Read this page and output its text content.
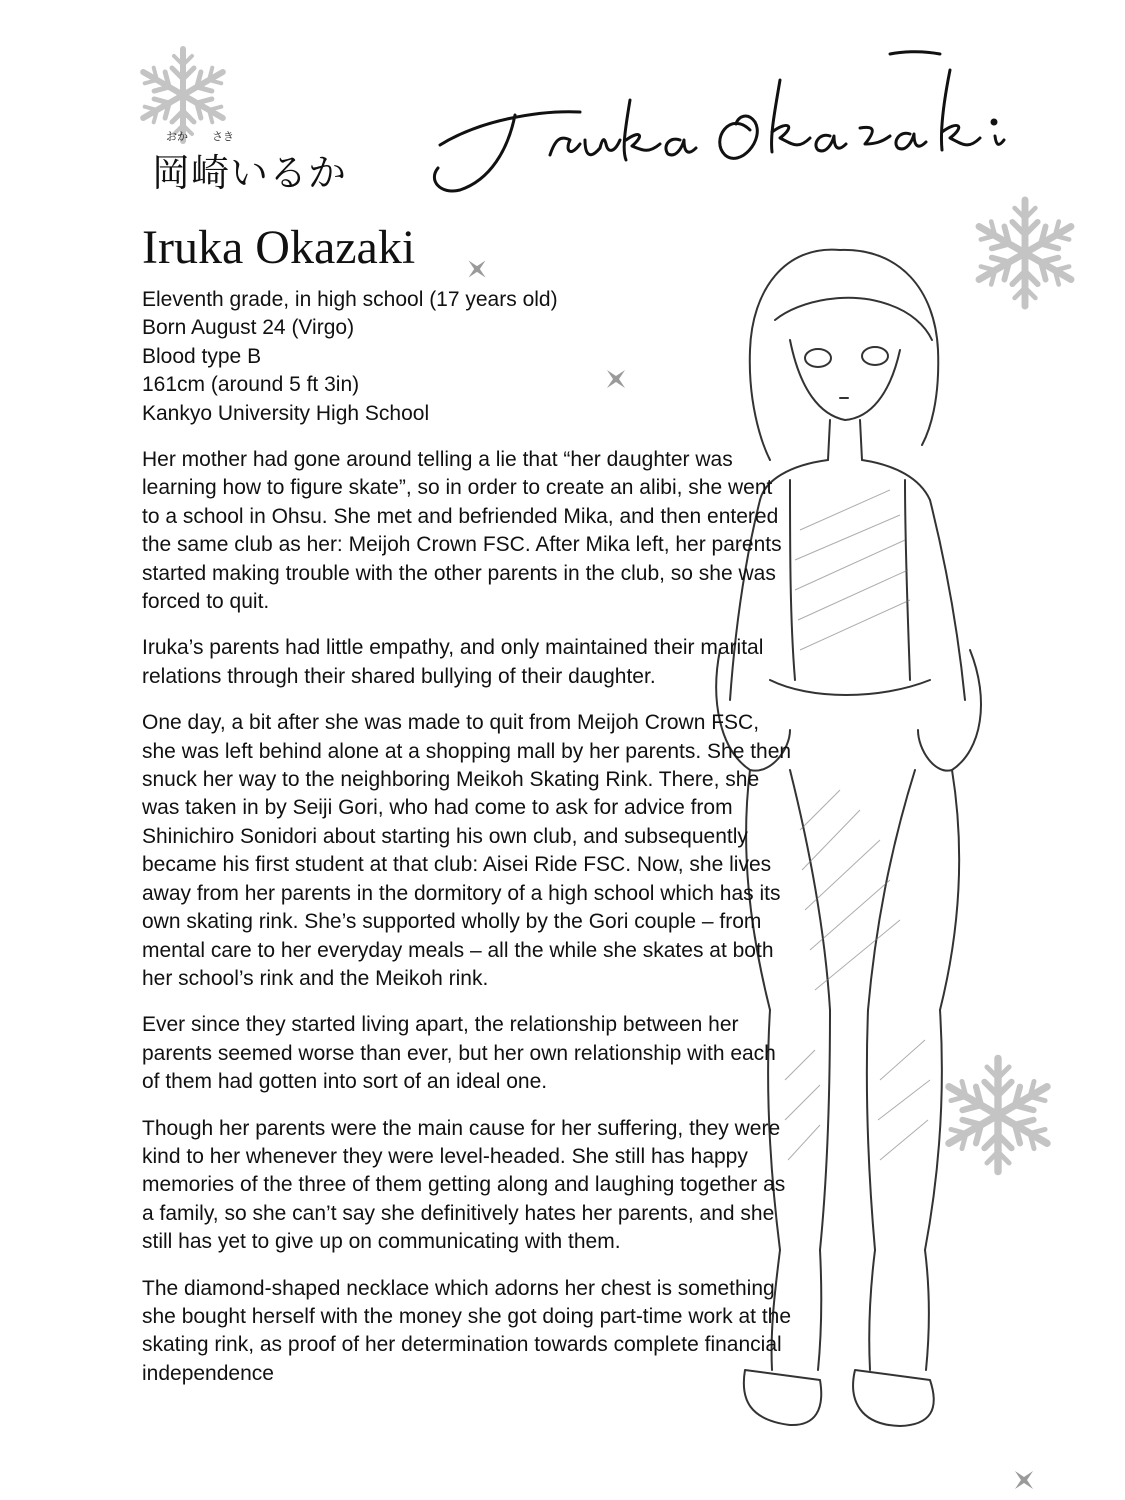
おか さき
岡崎いるか
Iruka Okazaki
Eleventh grade, in high school (17 years old)
Born August 24 (Virgo)
Blood type B
161cm (around 5 ft 3in)
Kankyo University High School

Her mother had gone around telling a lie that “her daughter was learning how to figure skate”, so in order to create an alibi, she went to a school in Ohsu. She met and befriended Mika, and then entered the same club as her: Meijoh Crown FSC. After Mika left, her parents started making trouble with the other parents in the club, so she was forced to quit.

Iruka’s parents had little empathy, and only maintained their marital relations through their shared bullying of their daughter.

One day, a bit after she was made to quit from Meijoh Crown FSC, she was left behind alone at a shopping mall by her parents. She then snuck her way to the neighboring Meikoh Skating Rink. There, she was taken in by Seiji Gori, who had come to ask for advice from Shinichiro Sonidori about starting his own club, and subsequently became his first student at that club: Aisei Ride FSC. Now, she lives away from her parents in the dormitory of a high school which has its own skating rink. She’s supported wholly by the Gori couple – from mental care to her everyday meals – all the while she skates at both her school’s rink and the Meikoh rink.

Ever since they started living apart, the relationship between her parents seemed worse than ever, but her own relationship with each of them had gotten into sort of an ideal one.

Though her parents were the main cause for her suffering, they were kind to her whenever they were level-headed. She still has happy memories of the three of them getting along and laughing together as a family, so she can’t say she definitively hates her parents, and she still has yet to give up on communicating with them.

The diamond-shaped necklace which adorns her chest is something she bought herself with the money she got doing part-time work at the skating rink, as proof of her determination towards complete financial independence
